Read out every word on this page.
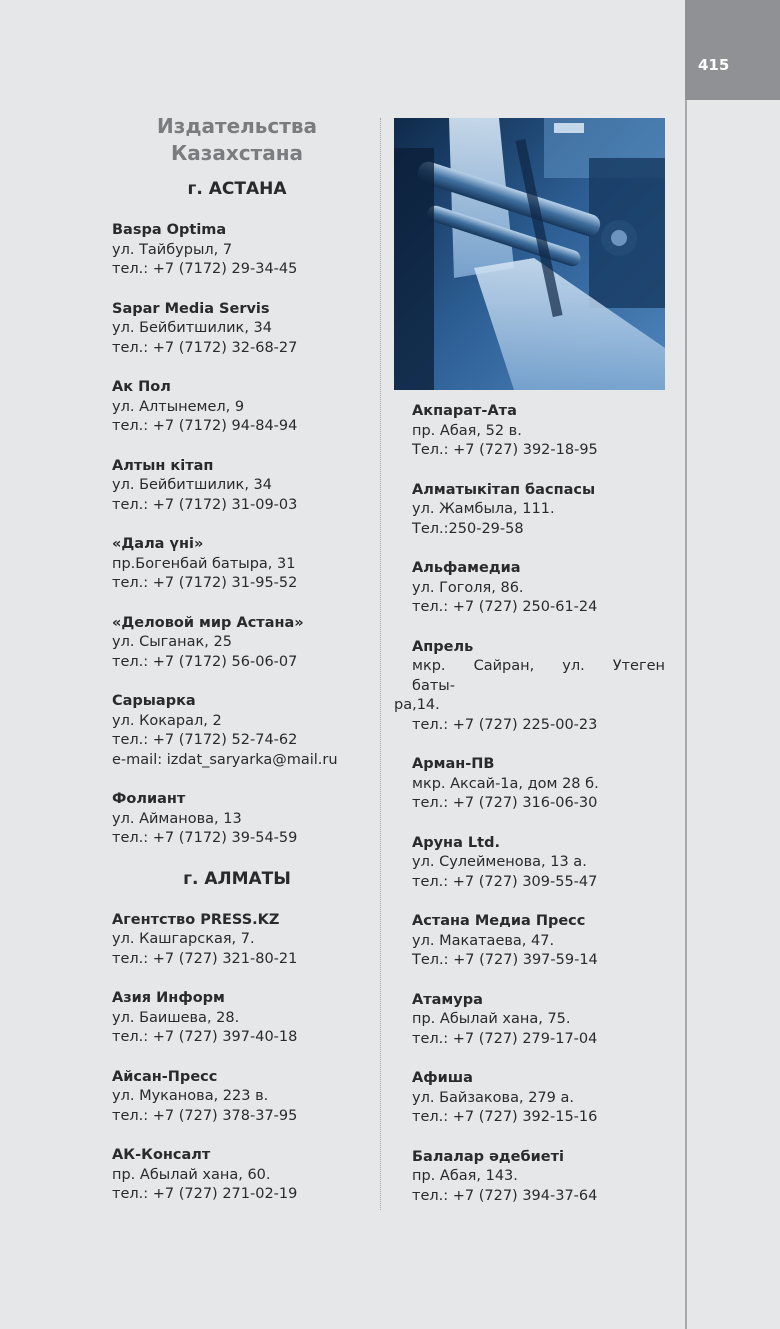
415
Издательства
Казахстана
г. АСТАНА
Baspa Optima
ул. Тайбурыл, 7
тел.: +7 (7172) 29-34-45
Sapar Media Servis
ул. Бейбитшилик, 34
тел.: +7 (7172) 32-68-27
Ак Пол
ул. Алтынемел, 9
тел.: +7 (7172) 94-84-94
Алтын кітап
ул. Бейбитшилик, 34
тел.: +7 (7172) 31-09-03
«Дала үні»
пр.Богенбай батыра, 31
тел.: +7 (7172) 31-95-52
«Деловой мир Астана»
ул. Сыганак, 25
тел.: +7 (7172) 56-06-07
Сарыарка
ул. Кокарал, 2
тел.: +7 (7172) 52-74-62
e-mail: izdat_saryarka@mail.ru
Фолиант
ул. Айманова, 13
тел.: +7 (7172) 39-54-59
г. АЛМАТЫ
Агентство PRESS.KZ
ул. Кашгарская, 7.
тел.: +7 (727) 321-80-21
Азия Информ
ул. Баишева, 28.
тел.: +7 (727) 397-40-18
Айсан-Пресс
ул. Муканова, 223 в.
тел.: +7 (727) 378-37-95
АК-Консалт
пр. Абылай хана, 60.
тел.: +7 (727) 271-02-19
Акпарат-Ата
пр. Абая, 52 в.
Тел.: +7 (727) 392-18-95
Алматыкітап баспасы
ул. Жамбыла, 111.
Тел.:250-29-58
Альфамедиа
ул. Гоголя, 86.
тел.: +7 (727) 250-61-24
Апрель
мкр. Сайран, ул. Утеген баты-
ра,14.
тел.: +7 (727) 225-00-23
Арман-ПВ
мкр. Аксай-1а, дом 28 б.
тел.: +7 (727) 316-06-30
Аруна Ltd.
ул. Сулейменова, 13 а.
тел.: +7 (727) 309-55-47
Астана Медиа Пресс
ул. Макатаева, 47.
Тел.: +7 (727) 397-59-14
Атамура
пр. Абылай хана, 75.
тел.: +7 (727) 279-17-04
Афиша
ул. Байзакова, 279 а.
тел.: +7 (727) 392-15-16
Балалар әдебиеті
пр. Абая, 143.
тел.: +7 (727) 394-37-64
